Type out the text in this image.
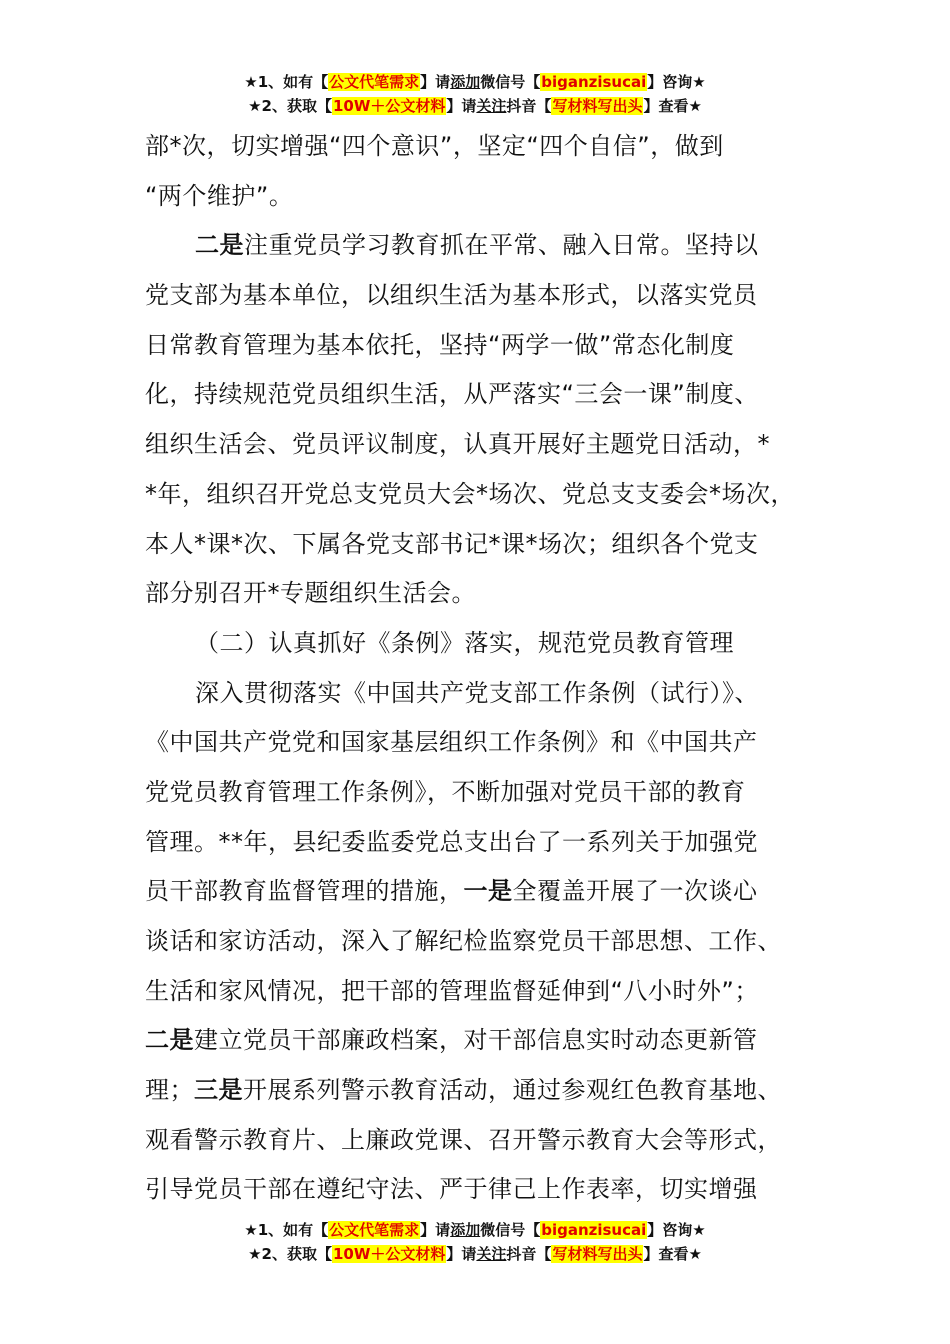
★1、如有【公文代笔需求】请添加微信号【biganzisucai】咨询★
★2、获取【10W＋公文材料】请关注抖音【写材料写出头】查看★
部*次，切实增强“四个意识”，坚定“四个自信”，做到
“两个维护”。
二是注重党员学习教育抓在平常、融入日常。坚持以
党支部为基本单位，以组织生活为基本形式，以落实党员
日常教育管理为基本依托，坚持“两学一做”常态化制度
化，持续规范党员组织生活，从严落实“三会一课”制度、
组织生活会、党员评议制度，认真开展好主题党日活动，*
*年，组织召开党总支党员大会*场次、党总支支委会*场次，
本人*课*次、下属各党支部书记*课*场次；组织各个党支
部分别召开*专题组织生活会。
（二）认真抓好《条例》落实，规范党员教育管理
深入贯彻落实《中国共产党支部工作条例（试行）》、
《中国共产党党和国家基层组织工作条例》和《中国共产
党党员教育管理工作条例》，不断加强对党员干部的教育
管理。**年，县纪委监委党总支出台了一系列关于加强党
员干部教育监督管理的措施，一是全覆盖开展了一次谈心
谈话和家访活动，深入了解纪检监察党员干部思想、工作、
生活和家风情况，把干部的管理监督延伸到“八小时外”；
二是建立党员干部廉政档案，对干部信息实时动态更新管
理；三是开展系列警示教育活动，通过参观红色教育基地、
观看警示教育片、上廉政党课、召开警示教育大会等形式，
引导党员干部在遵纪守法、严于律己上作表率，切实增强
★1、如有【公文代笔需求】请添加微信号【biganzisucai】咨询★
★2、获取【10W＋公文材料】请关注抖音【写材料写出头】查看★
